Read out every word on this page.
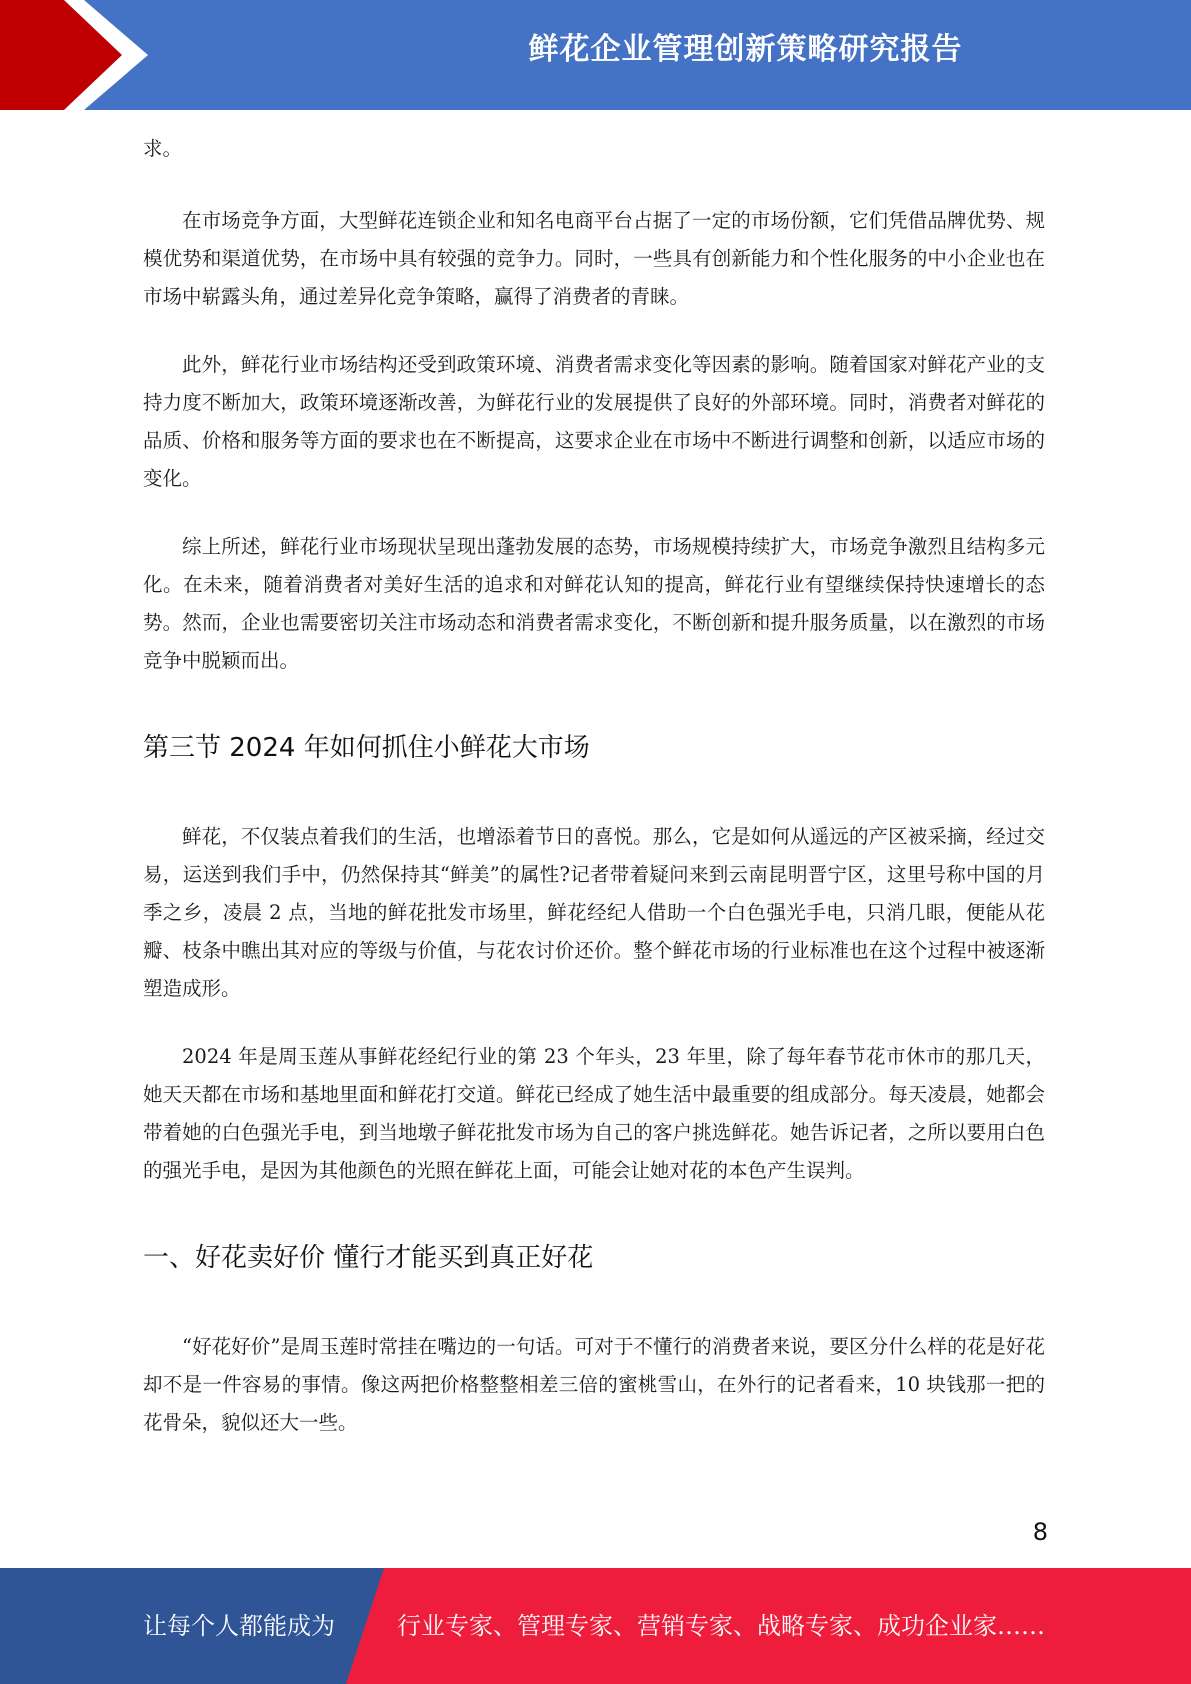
鲜花企业管理创新策略研究报告

求。

在市场竞争方面，大型鲜花连锁企业和知名电商平台占据了一定的市场份额，它们凭借品牌优势、规模优势和渠道优势，在市场中具有较强的竞争力。同时，一些具有创新能力和个性化服务的中小企业也在市场中崭露头角，通过差异化竞争策略，赢得了消费者的青睐。

此外，鲜花行业市场结构还受到政策环境、消费者需求变化等因素的影响。随着国家对鲜花产业的支持力度不断加大，政策环境逐渐改善，为鲜花行业的发展提供了良好的外部环境。同时，消费者对鲜花的品质、价格和服务等方面的要求也在不断提高，这要求企业在市场中不断进行调整和创新，以适应市场的变化。

综上所述，鲜花行业市场现状呈现出蓬勃发展的态势，市场规模持续扩大，市场竞争激烈且结构多元化。在未来，随着消费者对美好生活的追求和对鲜花认知的提高，鲜花行业有望继续保持快速增长的态势。然而，企业也需要密切关注市场动态和消费者需求变化，不断创新和提升服务质量，以在激烈的市场竞争中脱颖而出。

第三节 2024 年如何抓住小鲜花大市场

鲜花，不仅装点着我们的生活，也增添着节日的喜悦。那么，它是如何从遥远的产区被采摘，经过交易，运送到我们手中，仍然保持其“鲜美”的属性?记者带着疑问来到云南昆明晋宁区，这里号称中国的月季之乡，凌晨 2 点，当地的鲜花批发市场里，鲜花经纪人借助一个白色强光手电，只消几眼，便能从花瓣、枝条中瞧出其对应的等级与价值，与花农讨价还价。整个鲜花市场的行业标准也在这个过程中被逐渐塑造成形。

2024 年是周玉莲从事鲜花经纪行业的第 23 个年头，23 年里，除了每年春节花市休市的那几天，她天天都在市场和基地里面和鲜花打交道。鲜花已经成了她生活中最重要的组成部分。每天凌晨，她都会带着她的白色强光手电，到当地墩子鲜花批发市场为自己的客户挑选鲜花。她告诉记者，之所以要用白色的强光手电，是因为其他颜色的光照在鲜花上面，可能会让她对花的本色产生误判。

一、好花卖好价 懂行才能买到真正好花

“好花好价”是周玉莲时常挂在嘴边的一句话。可对于不懂行的消费者来说，要区分什么样的花是好花却不是一件容易的事情。像这两把价格整整相差三倍的蜜桃雪山，在外行的记者看来，10 块钱那一把的花骨朵，貌似还大一些。

8
让每个人都能成为	行业专家、管理专家、营销专家、战略专家、成功企业家……
